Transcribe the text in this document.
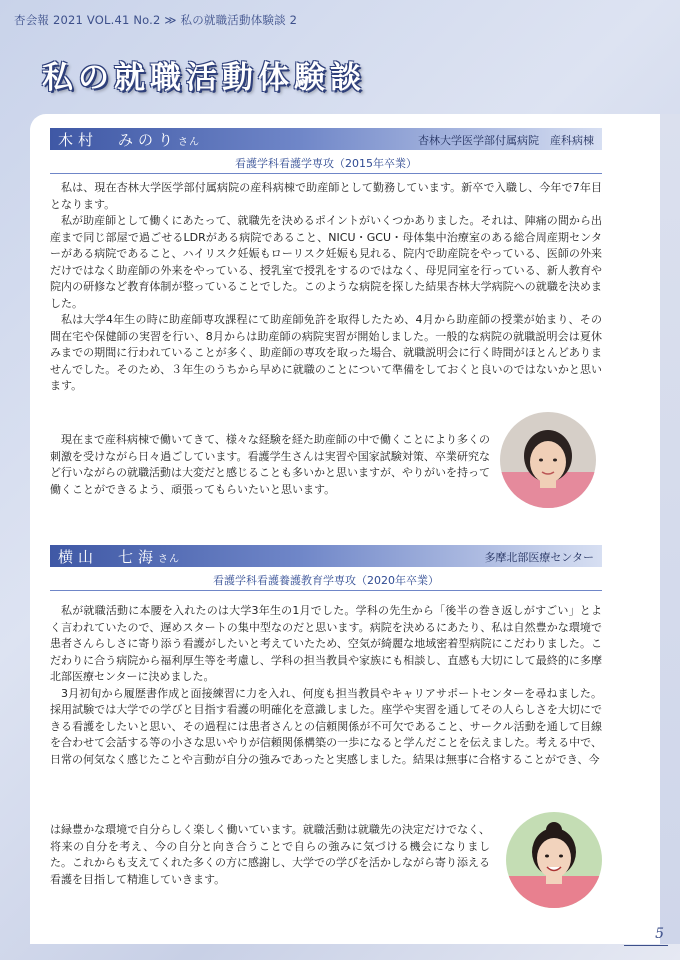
杏会報 2021 VOL.41 No.2 ≫ 私の就職活動体験談 2
私の就職活動体験談
木村　みのりさん	杏林大学医学部付属病院　産科病棟
看護学科看護学専攻（2015年卒業）

私は、現在杏林大学医学部付属病院の産科病棟で助産師として勤務しています。新卒で入職し、今年で7年目となります。

私が助産師として働くにあたって、就職先を決めるポイントがいくつかありました。それは、陣痛の間から出産まで同じ部屋で過ごせるLDRがある病院であること、NICU・GCU・母体集中治療室のある総合周産期センターがある病院であること、ハイリスク妊娠もローリスク妊娠も見れる、院内で助産院をやっている、医師の外来だけではなく助産師の外来をやっている、授乳室で授乳をするのではなく、母児同室を行っている、新人教育や院内の研修など教育体制が整っていることでした。このような病院を探した結果杏林大学病院への就職を決めました。

私は大学4年生の時に助産師専攻課程にて助産師免許を取得したため、4月から助産師の授業が始まり、その間在宅や保健師の実習を行い、8月からは助産師の病院実習が開始しました。一般的な病院の就職説明会は夏休みまでの期間に行われていることが多く、助産師の専攻を取った場合、就職説明会に行く時間がほとんどありませんでした。そのため、３年生のうちから早めに就職のことについて準備をしておくと良いのではないかと思います。

現在まで産科病棟で働いてきて、様々な経験を経た助産師の中で働くことにより多くの刺激を受けながら日々過ごしています。看護学生さんは実習や国家試験対策、卒業研究など行いながらの就職活動は大変だと感じることも多いかと思いますが、やりがいを持って働くことができるよう、頑張ってもらいたいと思います。

横山　七海さん	多摩北部医療センター
看護学科看護養護教育学専攻（2020年卒業）

私が就職活動に本腰を入れたのは大学3年生の1月でした。学科の先生から「後半の巻き返しがすごい」とよく言われていたので、遅めスタートの集中型なのだと思います。病院を決めるにあたり、私は自然豊かな環境で患者さんらしさに寄り添う看護がしたいと考えていたため、空気が綺麗な地域密着型病院にこだわりました。こだわりに合う病院から福利厚生等を考慮し、学科の担当教員や家族にも相談し、直感も大切にして最終的に多摩北部医療センターに決めました。

3月初旬から履歴書作成と面接練習に力を入れ、何度も担当教員やキャリアサポートセンターを尋ねました。採用試験では大学での学びと目指す看護の明確化を意識しました。座学や実習を通してその人らしさを大切にできる看護をしたいと思い、その過程には患者さんとの信頼関係が不可欠であること、サークル活動を通して目線を合わせて会話する等の小さな思いやりが信頼関係構築の一歩になると学んだことを伝えました。考える中で、日常の何気なく感じたことや言動が自分の強みであったと実感しました。結果は無事に合格することができ、今

は緑豊かな環境で自分らしく楽しく働いています。就職活動は就職先の決定だけでなく、将来の自分を考え、今の自分と向き合うことで自らの強みに気づける機会になりました。これからも支えてくれた多くの方に感謝し、大学での学びを活かしながら寄り添える看護を目指して精進していきます。

5
